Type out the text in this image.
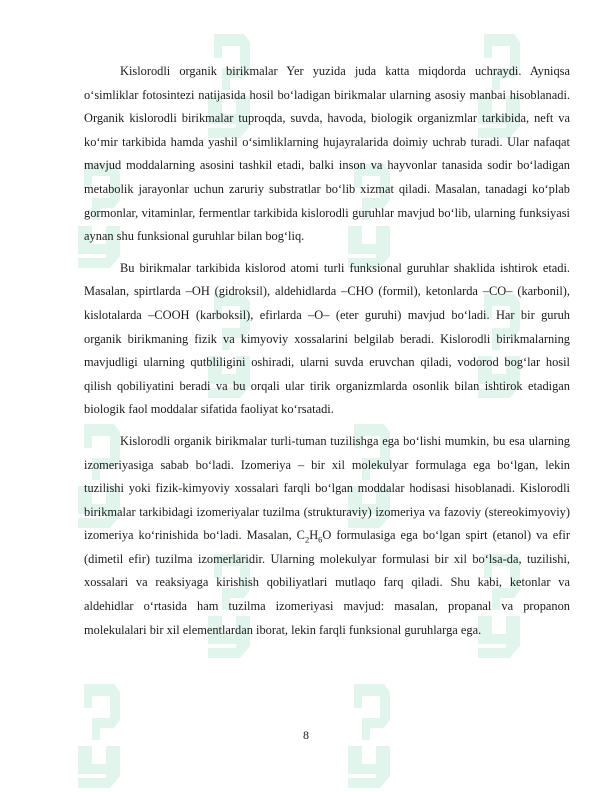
Kislorodli organik birikmalar Yer yuzida juda katta miqdorda uchraydi. Ayniqsa o‘simliklar fotosintezi natijasida hosil bo‘ladigan birikmalar ularning asosiy manbai hisoblanadi. Organik kislorodli birikmalar tuproqda, suvda, havoda, biologik organizmlar tarkibida, neft va ko‘mir tarkibida hamda yashil o‘simliklarning hujayralarida doimiy uchrab turadi. Ular nafaqat mavjud moddalarning asosini tashkil etadi, balki inson va hayvonlar tanasida sodir bo‘ladigan metabolik jarayonlar uchun zaruriy substratlar bo‘lib xizmat qiladi. Masalan, tanadagi ko‘plab gormonlar, vitaminlar, fermentlar tarkibida kislorodli guruhlar mavjud bo‘lib, ularning funksiyasi aynan shu funksional guruhlar bilan bog‘liq.

Bu birikmalar tarkibida kislorod atomi turli funksional guruhlar shaklida ishtirok etadi. Masalan, spirtlarda –OH (gidroksil), aldehidlarda –CHO (formil), ketonlarda –CO– (karbonil), kislotalarda –COOH (karboksil), efirlarda –O– (eter guruhi) mavjud bo‘ladi. Har bir guruh organik birikmaning fizik va kimyoviy xossalarini belgilab beradi. Kislorodli birikmalarning mavjudligi ularning qutbliligini oshiradi, ularni suvda eruvchan qiladi, vodorod bog‘lar hosil qilish qobiliyatini beradi va bu orqali ular tirik organizmlarda osonlik bilan ishtirok etadigan biologik faol moddalar sifatida faoliyat ko‘rsatadi.

Kislorodli organik birikmalar turli-tuman tuzilishga ega bo‘lishi mumkin, bu esa ularning izomeriyasiga sabab bo‘ladi. Izomeriya – bir xil molekulyar formulaga ega bo‘lgan, lekin tuzilishi yoki fizik-kimyoviy xossalari farqli bo‘lgan moddalar hodisasi hisoblanadi. Kislorodli birikmalar tarkibidagi izomeriyalar tuzilma (strukturaviy) izomeriya va fazoviy (stereokimyoviy) izomeriya ko‘rinishida bo‘ladi. Masalan, $C_2H_6O$ formulasiga ega bo‘lgan spirt (etanol) va efir (dimetil efir) tuzilma izomerlaridir. Ularning molekulyar formulasi bir xil bo‘lsa-da, tuzilishi, xossalari va reaksiyaga kirishish qobiliyatlari mutlaqo farq qiladi. Shu kabi, ketonlar va aldehidlar o‘rtasida ham tuzilma izomeriyasi mavjud: masalan, propanal va propanon molekulalari bir xil elementlardan iborat, lekin farqli funksional guruhlarga ega.

8
